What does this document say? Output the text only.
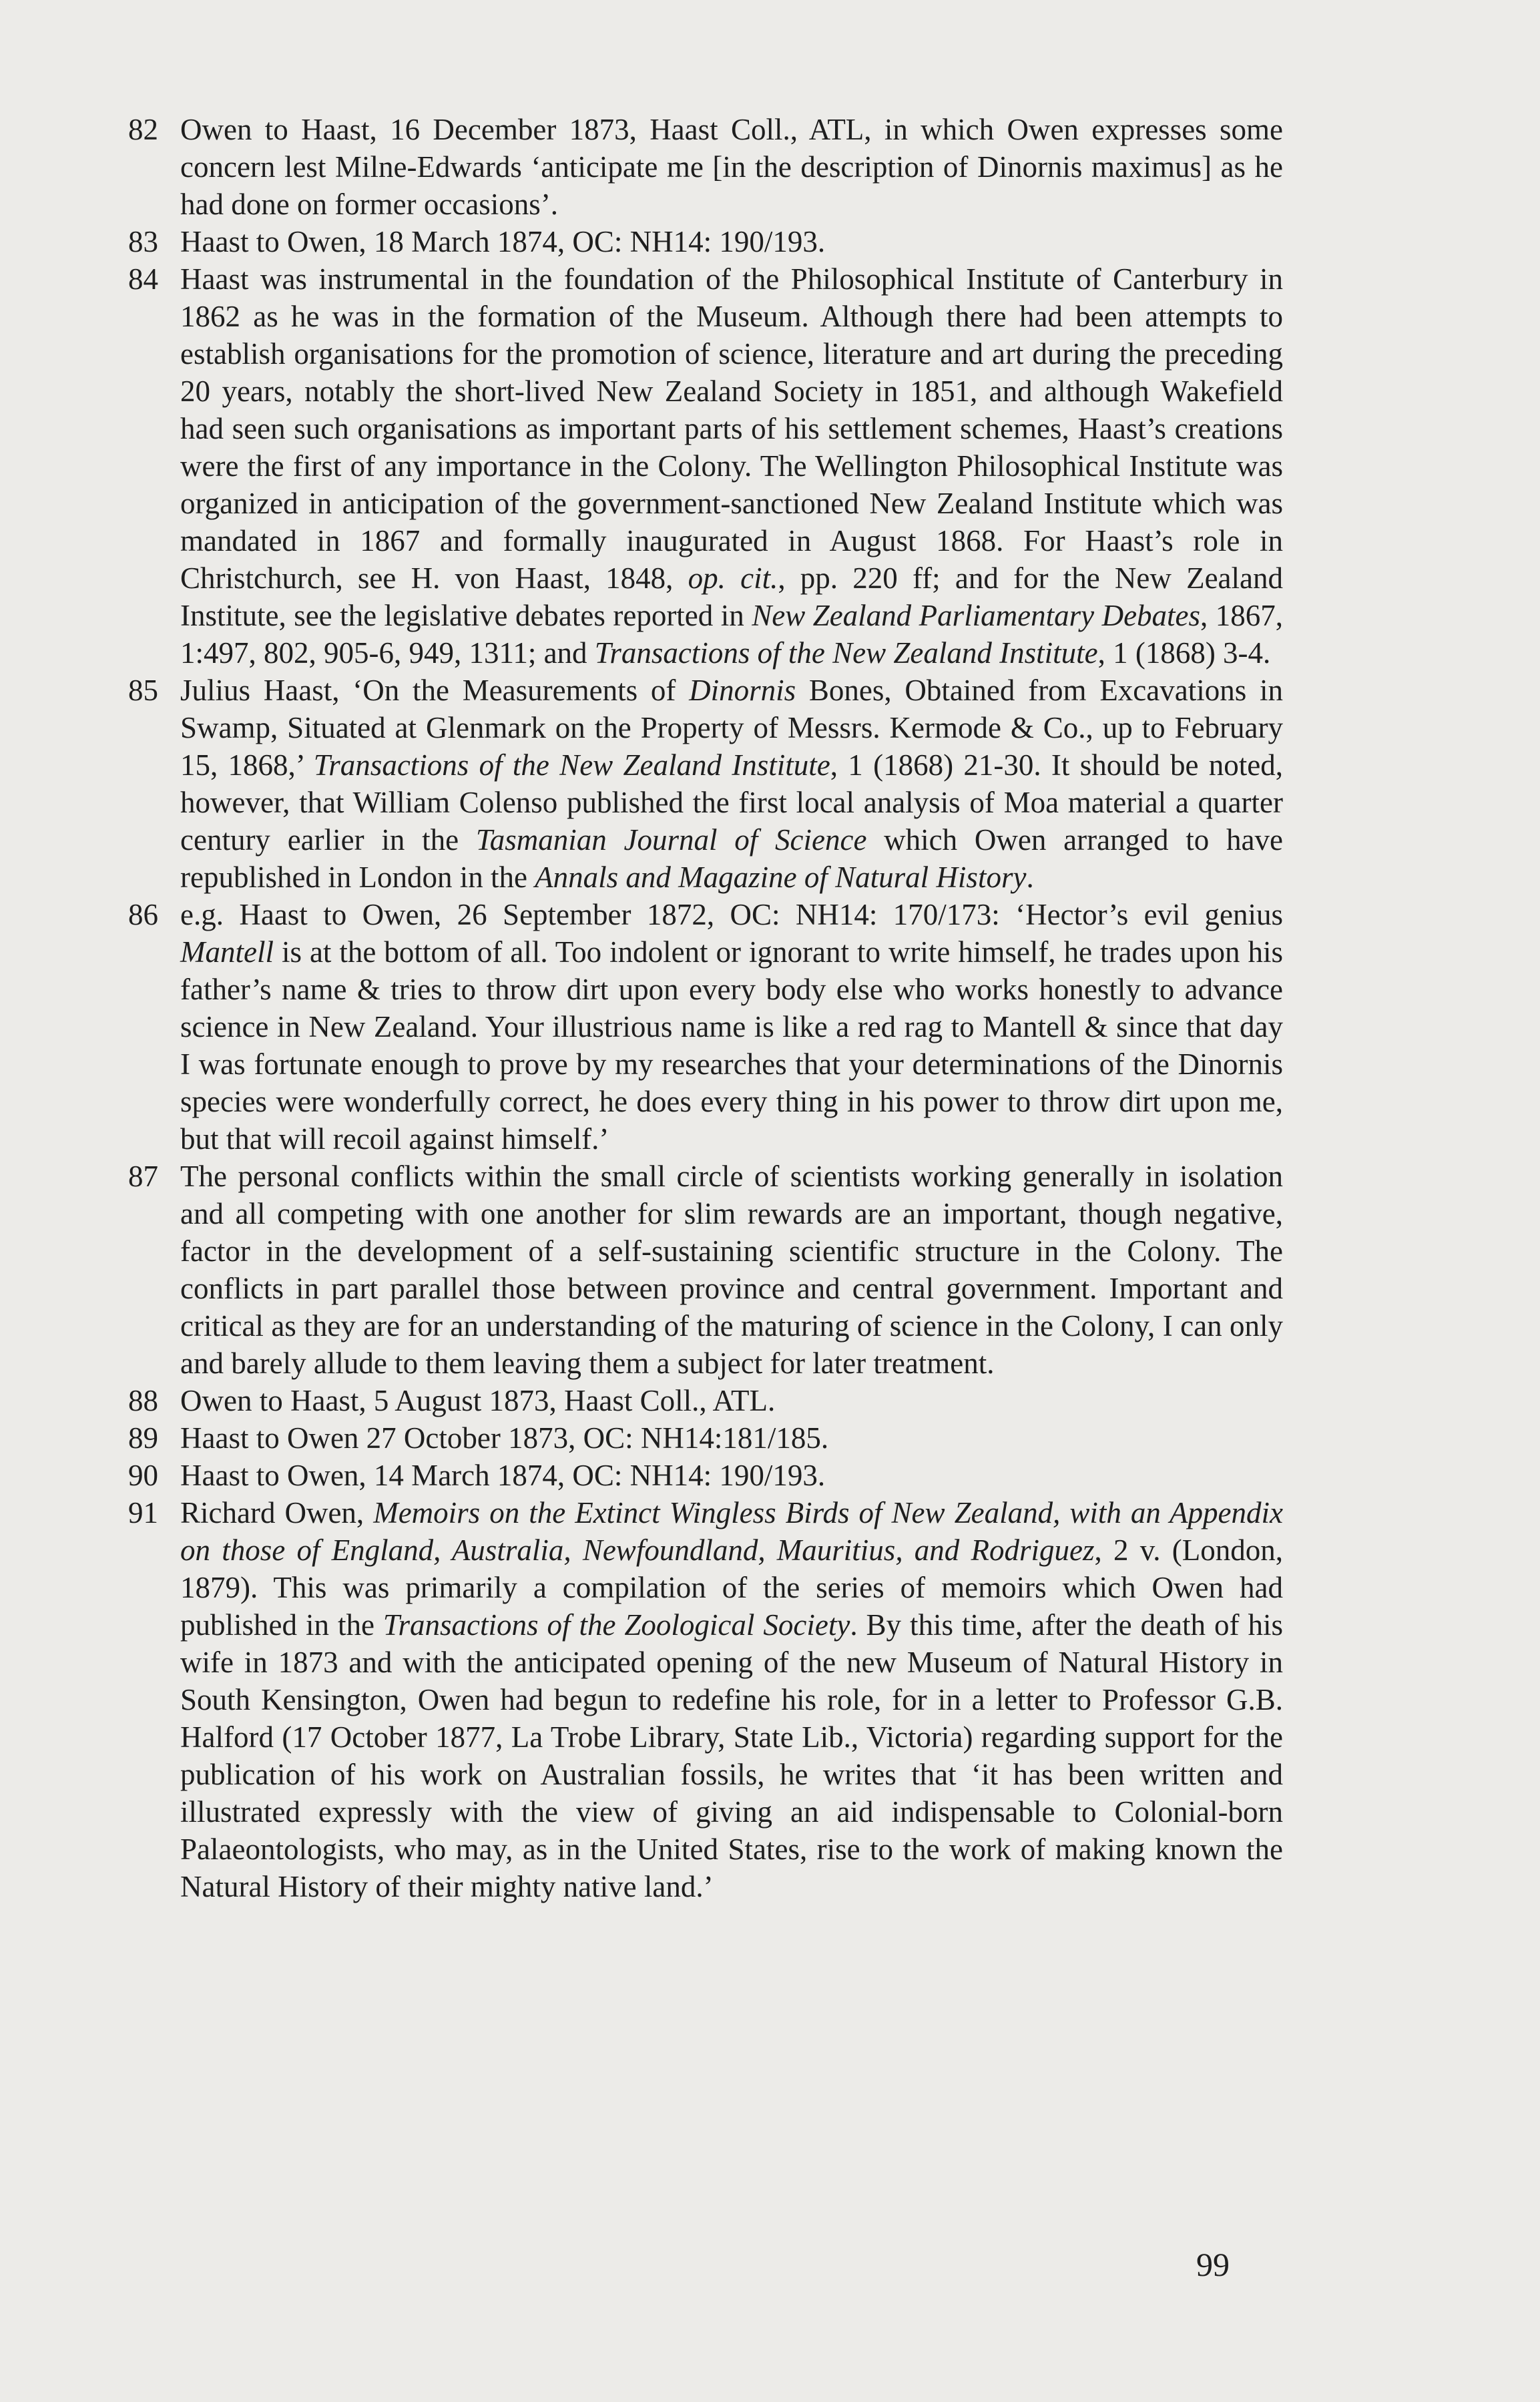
82 Owen to Haast, 16 December 1873, Haast Coll., ATL, in which Owen expresses some concern lest Milne-Edwards ‘anticipate me [in the description of Dinornis maximus] as he had done on former occasions’.
83 Haast to Owen, 18 March 1874, OC: NH14: 190/193.
84 Haast was instrumental in the foundation of the Philosophical Institute of Canterbury in 1862 as he was in the formation of the Museum. Although there had been attempts to establish organisations for the promotion of science, literature and art during the preceding 20 years, notably the short-lived New Zealand Society in 1851, and although Wakefield had seen such organisations as important parts of his settlement schemes, Haast’s creations were the first of any importance in the Colony. The Wellington Philosophical Institute was organized in anticipation of the government-sanctioned New Zealand Institute which was mandated in 1867 and formally inaugurated in August 1868. For Haast’s role in Christchurch, see H. von Haast, 1848, op. cit., pp. 220 ff; and for the New Zealand Institute, see the legislative debates reported in New Zealand Parliamentary Debates, 1867, 1:497, 802, 905-6, 949, 1311; and Transactions of the New Zealand Institute, 1 (1868) 3-4.
85 Julius Haast, ‘On the Measurements of Dinornis Bones, Obtained from Excavations in Swamp, Situated at Glenmark on the Property of Messrs. Kermode & Co., up to February 15, 1868,’ Transactions of the New Zealand Institute, 1 (1868) 21-30. It should be noted, however, that William Colenso published the first local analysis of Moa material a quarter century earlier in the Tasmanian Journal of Science which Owen arranged to have republished in London in the Annals and Magazine of Natural History.
86 e.g. Haast to Owen, 26 September 1872, OC: NH14: 170/173: ‘Hector’s evil genius Mantell is at the bottom of all. Too indolent or ignorant to write himself, he trades upon his father’s name & tries to throw dirt upon every body else who works honestly to advance science in New Zealand. Your illustrious name is like a red rag to Mantell & since that day I was fortunate enough to prove by my researches that your determinations of the Dinornis species were wonderfully correct, he does every thing in his power to throw dirt upon me, but that will recoil against himself.’
87 The personal conflicts within the small circle of scientists working generally in isolation and all competing with one another for slim rewards are an important, though negative, factor in the development of a self-sustaining scientific structure in the Colony. The conflicts in part parallel those between province and central government. Important and critical as they are for an understanding of the maturing of science in the Colony, I can only and barely allude to them leaving them a subject for later treatment.
88 Owen to Haast, 5 August 1873, Haast Coll., ATL.
89 Haast to Owen 27 October 1873, OC: NH14:181/185.
90 Haast to Owen, 14 March 1874, OC: NH14: 190/193.
91 Richard Owen, Memoirs on the Extinct Wingless Birds of New Zealand, with an Appendix on those of England, Australia, Newfoundland, Mauritius, and Rodriguez, 2 v. (London, 1879). This was primarily a compilation of the series of memoirs which Owen had published in the Transactions of the Zoological Society. By this time, after the death of his wife in 1873 and with the anticipated opening of the new Museum of Natural History in South Kensington, Owen had begun to redefine his role, for in a letter to Professor G.B. Halford (17 October 1877, La Trobe Library, State Lib., Victoria) regarding support for the publication of his work on Australian fossils, he writes that ‘it has been written and illustrated expressly with the view of giving an aid indispensable to Colonial-born Palaeontologists, who may, as in the United States, rise to the work of making known the Natural History of their mighty native land.’
99
